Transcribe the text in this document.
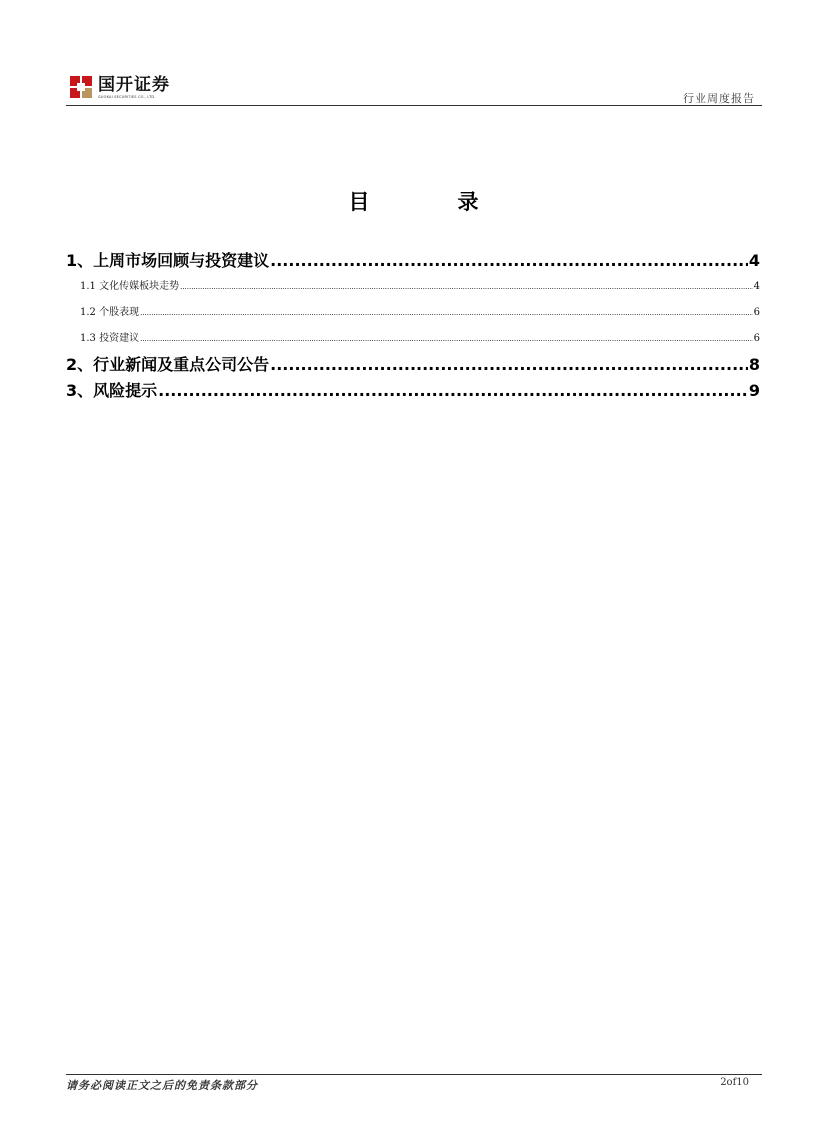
国开证券
GUOKAI SECURITIES CO., LTD.	行业周度报告
目录
1、上周市场回顾与投资建议 .....	4
1.1 文化传媒板块走势 .....	4
1.2 个股表现 .....	6
1.3 投资建议 .....	6
2、行业新闻及重点公司公告 .....	8
3、风险提示 .....	9
请务必阅读正文之后的免责条款部分	2of10
